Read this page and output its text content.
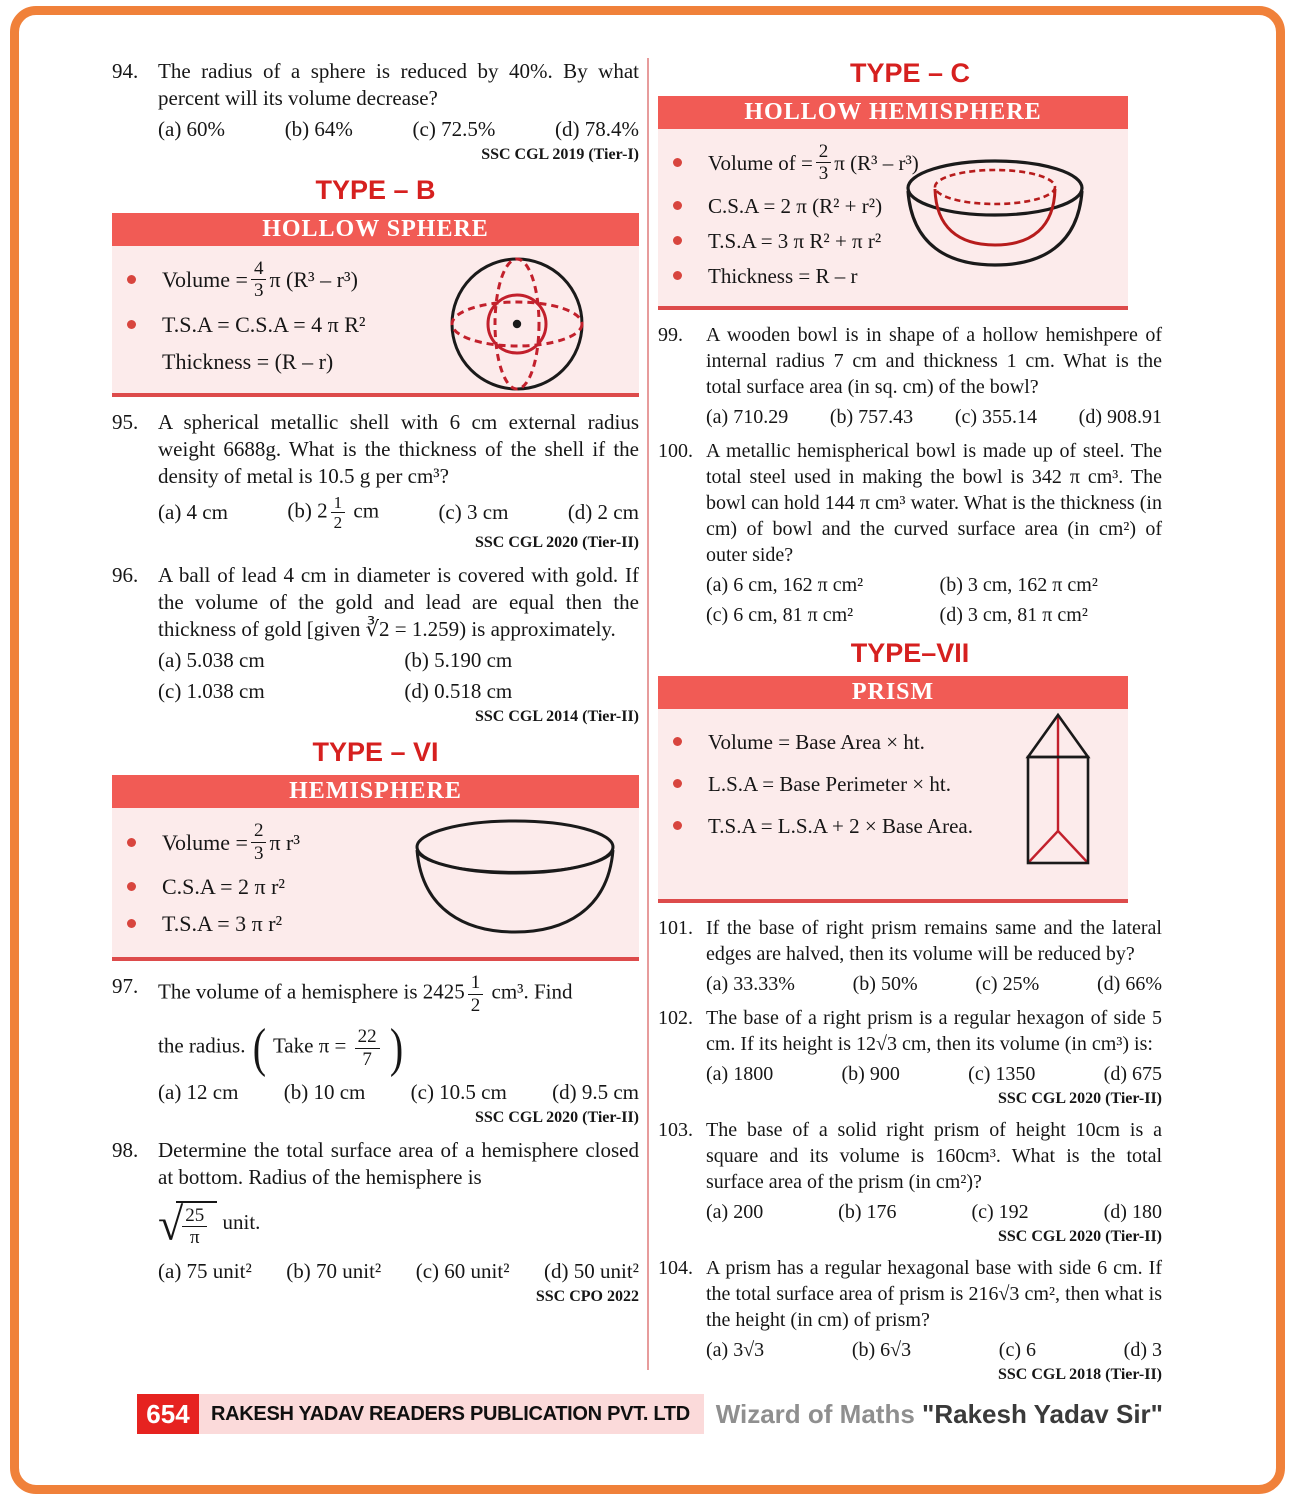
94. The radius of a sphere is reduced by 40%. By what percent will its volume decrease?
(a) 60%	(b) 64%	(c) 72.5%	(d) 78.4%
SSC CGL 2019 (Tier-I)
TYPE – B
HOLLOW SPHERE
Volume = $\frac{4}{3}$ π (R³ – r³)
T.S.A = C.S.A = 4 π R²
Thickness = (R – r)
95. A spherical metallic shell with 6 cm external radius weight 6688g. What is the thickness of the shell if the density of metal is 10.5 g per cm³?
(a) 4 cm	(b) $2 \frac{1}{2}$ cm	(c) 3 cm	(d) 2 cm
SSC CGL 2020 (Tier-II)
96. A ball of lead 4 cm in diameter is covered with gold. If the volume of the gold and lead are equal then the thickness of gold [given ∛2 = 1.259) is approximately.
(a) 5.038 cm	(b) 5.190 cm
(c) 1.038 cm	(d) 0.518 cm
SSC CGL 2014 (Tier-II)
TYPE – VI
HEMISPHERE
Volume = $\frac{2}{3}$ π r³
C.S.A = 2 π r²
T.S.A = 3 π r²
97. The volume of a hemisphere is $2425 \frac{1}{2} cm^3$. Find
the radius. ( Take $\pi = \frac{22}{7}$ )
(a) 12 cm (b) 10 cm (c) 10.5 cm (d) 9.5 cm
SSC CGL 2020 (Tier-II)
98. Determine the total surface area of a hemisphere closed at bottom. Radius of the hemisphere is
√ $\frac{25}{\pi}$ unit.
(a) 75 unit² (b) 70 unit² (c) 60 unit² (d) 50 unit²
SSC CPO 2022
TYPE – C
HOLLOW HEMISPHERE
Volume of = $\frac{2}{3}$ π (R³ – r³)
C.S.A = 2 π (R² + r²)
T.S.A = 3 π R² + π r²
Thickness = R – r
99. A wooden bowl is in shape of a hollow hemishpere of internal radius 7 cm and thickness 1 cm. What is the total surface area (in sq. cm) of the bowl?
(a) 710.29 (b) 757.43 (c) 355.14 (d) 908.91
100. A metallic hemispherical bowl is made up of steel. The total steel used in making the bowl is 342 π cm³. The bowl can hold 144 π cm³ water. What is the thickness (in cm) of bowl and the curved surface area (in cm²) of outer side?
(a) 6 cm, 162 π cm²	(b) 3 cm, 162 π cm²
(c) 6 cm, 81 π cm²	(d) 3 cm, 81 π cm²
TYPE–VII
PRISM
Volume = Base Area × ht.
L.S.A = Base Perimeter × ht.
T.S.A = L.S.A + 2 × Base Area.
101. If the base of right prism remains same and the lateral edges are halved, then its volume will be reduced by?
(a) 33.33%	(b) 50%	(c) 25%	(d) 66%
102. The base of a right prism is a regular hexagon of side 5 cm. If its height is 12√3 cm, then its volume (in cm³) is:
(a) 1800	(b) 900	(c) 1350	(d) 675
SSC CGL 2020 (Tier-II)
103. The base of a solid right prism of height 10cm is a square and its volume is 160cm³. What is the total surface area of the prism (in cm²)?
(a) 200	(b) 176	(c) 192	(d) 180
SSC CGL 2020 (Tier-II)
104. A prism has a regular hexagonal base with side 6 cm. If the total surface area of prism is 216√3 cm², then what is the height (in cm) of prism?
(a) 3√3	(b) 6√3	(c) 6	(d) 3
SSC CGL 2018 (Tier-II)
654	RAKESH YADAV READERS PUBLICATION PVT. LTD Wizard of Maths "Rakesh Yadav Sir"
